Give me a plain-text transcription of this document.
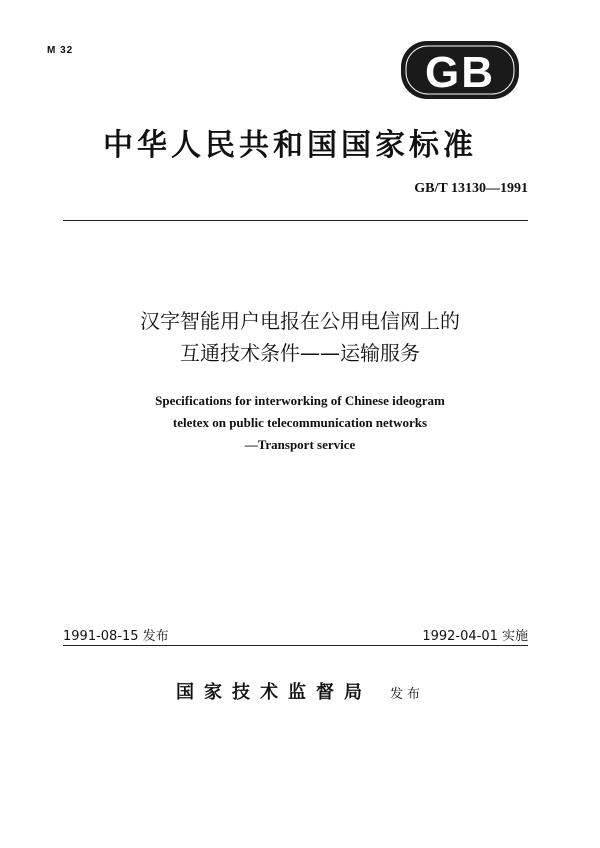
M 32	GB
中华人民共和国国家标准
GB/T 13130—1991
汉字智能用户电报在公用电信网上的
互通技术条件——运输服务
Specifications for interworking of Chinese ideogram
teletex on public telecommunication networks
—Transport service
1991-08-15 发布	1992-04-01 实施
国家技术监督局 发布
